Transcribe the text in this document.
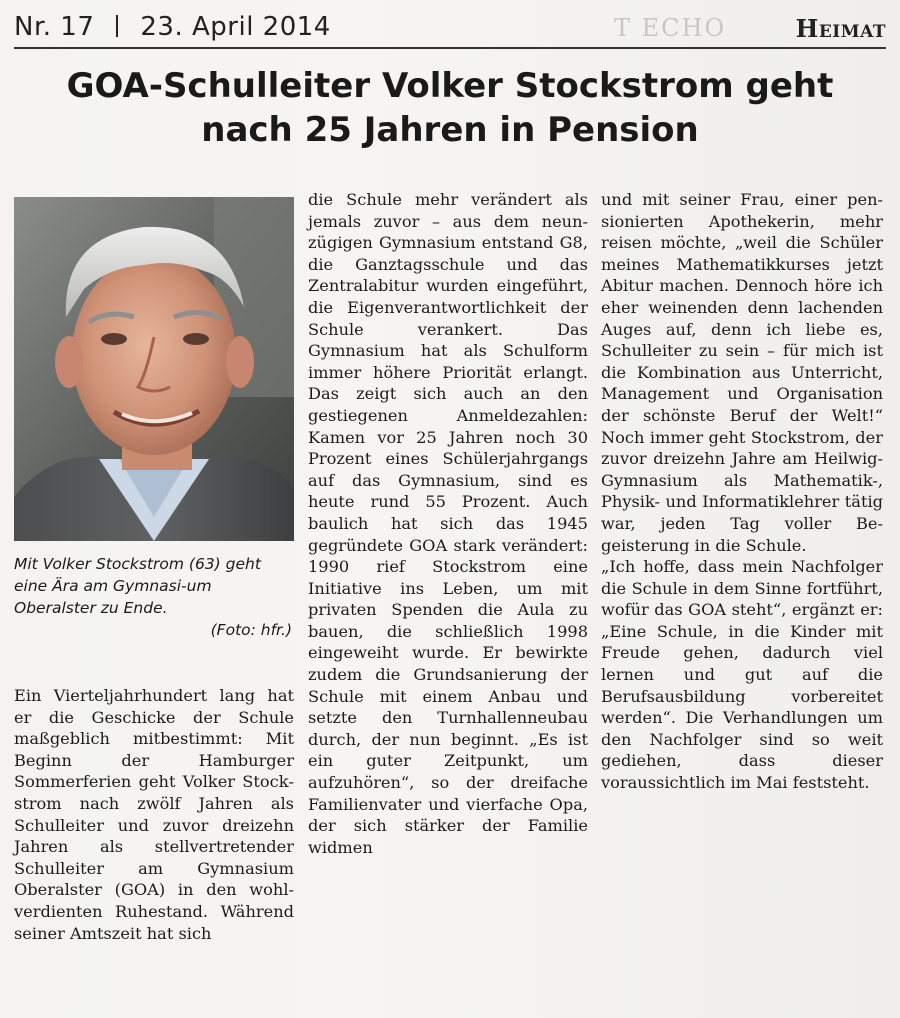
Nr. 17 23. April 2014	T ECHO	Heimat
GOA-Schulleiter Volker Stockstrom geht
nach 25 Jahren in Pension
Mit Volker Stockstrom (63) geht eine Ära am Gymnasi-um Oberalster zu Ende.
(Foto: hfr.)

Ein Vierteljahrhundert lang hat er die Geschicke der Schule maßgeblich mitbestimmt: Mit Beginn der Hamburger Sommerferien geht Volker Stockstrom nach zwölf Jahren als Schulleiter und zuvor dreizehn Jahren als stellvertretender Schulleiter am Gymnasium Oberalster (GOA) in den wohlverdienten Ruhestand. Während seiner Amtszeit hat sich

die Schule mehr verändert als jemals zuvor – aus dem neunzügigen Gymnasium entstand G8, die Ganztagsschule und das Zentralabitur wurden eingeführt, die Eigenverantwortlichkeit der Schule verankert. Das Gymnasium hat als Schulform immer höhere Priorität erlangt. Das zeigt sich auch an den gestiegenen Anmeldezahlen: Kamen vor 25 Jahren noch 30 Prozent eines Schülerjahrgangs auf das Gymnasium, sind es heute rund 55 Prozent. Auch baulich hat sich das 1945 gegründete GOA stark verändert: 1990 rief Stockstrom eine Initiative ins Leben, um mit privaten Spenden die Aula zu bauen, die schließlich 1998 eingeweiht wurde. Er bewirkte zudem die Grundsanierung der Schule mit einem Anbau und setzte den Turnhallenneubau durch, der nun beginnt. „Es ist ein guter Zeitpunkt, um aufzuhören“, so der dreifache Familienvater und vierfache Opa, der sich stärker der Familie widmen

und mit seiner Frau, einer pensionierten Apothekerin, mehr reisen möchte, „weil die Schüler meines Mathematikkurses jetzt Abitur machen. Dennoch höre ich eher weinenden denn lachenden Auges auf, denn ich liebe es, Schulleiter zu sein – für mich ist die Kombination aus Unterricht, Management und Organisation der schönste Beruf der Welt!“ Noch immer geht Stockstrom, der zuvor dreizehn Jahre am Heilwig-Gymnasium als Mathematik-, Physik- und Informatiklehrer tätig war, jeden Tag voller Begeisterung in die Schule.

„Ich hoffe, dass mein Nachfolger die Schule in dem Sinne fortführt, wofür das GOA steht“, ergänzt er: „Eine Schule, in die Kinder mit Freude gehen, dadurch viel lernen und gut auf die Berufsausbildung vorbereitet werden“. Die Verhandlungen um den Nachfolger sind so weit gediehen, dass dieser voraussichtlich im Mai feststeht.
